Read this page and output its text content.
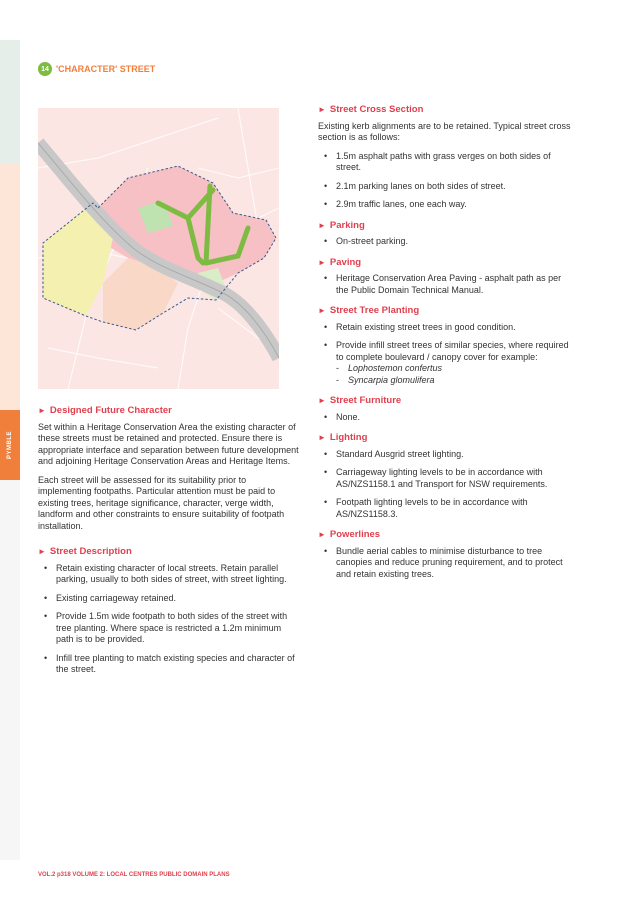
PYMBLE
14 'CHARACTER' STREET
► Designed Future Character

Set within a Heritage Conservation Area the existing character of these streets must be retained and protected. Ensure there is appropriate interface and separation between future development and adjoining Heritage Conservation Areas and Heritage Items.

Each street will be assessed for its suitability prior to implementing footpaths. Particular attention must be paid to existing trees, heritage significance, character, verge width, landform and other constraints to ensure suitability of footpath installation.

► Street Description
• Retain existing character of local streets. Retain parallel parking, usually to both sides of street, with street lighting.
• Existing carriageway retained.
• Provide 1.5m wide footpath to both sides of the street with tree planting. Where space is restricted a 1.2m minimum path is to be provided.
• Infill tree planting to match existing species and character of the street.
► Street Cross Section

Existing kerb alignments are to be retained. Typical street cross section is as follows:

• 1.5m asphalt paths with grass verges on both sides of street.
• 2.1m parking lanes on both sides of street.
• 2.9m traffic lanes, one each way.
► Parking
• On-street parking.
► Paving
• Heritage Conservation Area Paving - asphalt path as per the Public Domain Technical Manual.
► Street Tree Planting
• Retain existing street trees in good condition.
• Provide infill street trees of similar species, where required to complete boulevard / canopy cover for example:
- Lophostemon confertus
- Syncarpia glomulifera
► Street Furniture
• None.
► Lighting
• Standard Ausgrid street lighting.
• Carriageway lighting levels to be in accordance with AS/NZS1158.1 and Transport for NSW requirements.
• Footpath lighting levels to be in accordance with AS/NZS1158.3.
► Powerlines
• Bundle aerial cables to minimise disturbance to tree canopies and reduce pruning requirement, and to protect and retain existing trees.
VOL.2 p318 VOLUME 2: LOCAL CENTRES PUBLIC DOMAIN PLANS
